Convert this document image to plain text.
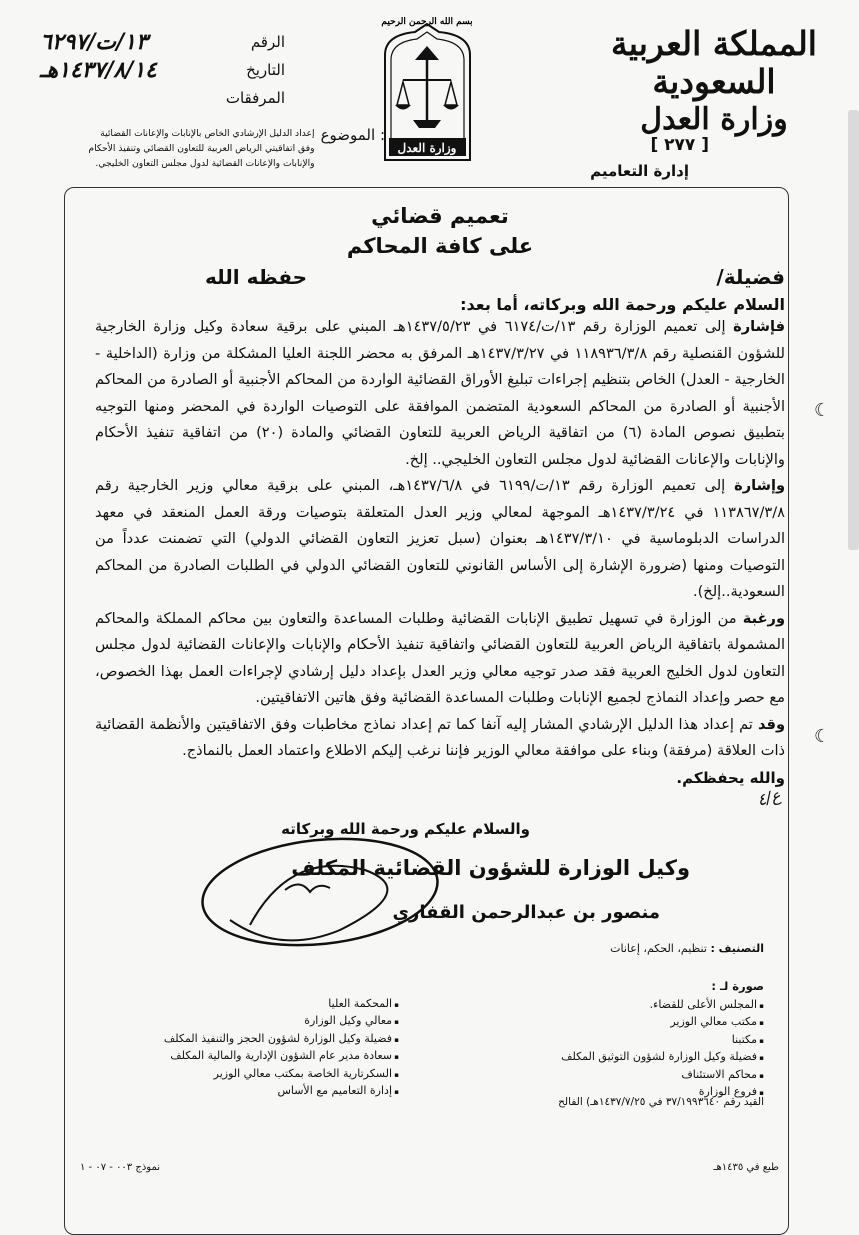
المملكة العربية السعودية
وزارة العدل
[ ٢٧٧ ]
إدارة التعاميم
بسم الله الرحمن الرحيم
وزارة العدل
١٣/ت/٦٢٩٧	الرقم
١٤٣٧/٨/١٤هـ	التاريخ
المرفقات
الموضوع :
إعداد الدليل الإرشادي الخاص بالإنابات والإعانات القضائية وفق اتفاقيتي الرياض العربية للتعاون القضائي وتنفيذ الأحكام والإنابات والإعانات القضائية لدول مجلس التعاون الخليجي.
تعميم قضائي
على كافة المحاكم
فضيلة/
حفظه الله
السلام عليكم ورحمة الله وبركاته، أما بعد:

فإشارة إلى تعميم الوزارة رقم ١٣/ت/٦١٧٤ في ١٤٣٧/٥/٢٣هـ المبني على برقية سعادة وكيل وزارة الخارجية للشؤون القنصلية رقم ١١٨٩٣٦/٣/٨ في ١٤٣٧/٣/٢٧هـ المرفق به محضر اللجنة العليا المشكلة من وزارة (الداخلية - الخارجية - العدل) الخاص بتنظيم إجراءات تبليغ الأوراق القضائية الواردة من المحاكم الأجنبية أو الصادرة من المحاكم الأجنبية أو الصادرة من المحاكم السعودية المتضمن الموافقة على التوصيات الواردة في المحضر ومنها التوجيه بتطبيق نصوص المادة (٦) من اتفاقية الرياض العربية للتعاون القضائي والمادة (٢٠) من اتفاقية تنفيذ الأحكام والإنابات والإعانات القضائية لدول مجلس التعاون الخليجي.. إلخ.

وإشارة إلى تعميم الوزارة رقم ١٣/ت/٦١٩٩ في ١٤٣٧/٦/٨هـ، المبني على برقية معالي وزير الخارجية رقم ١١٣٨٦٧/٣/٨ في ١٤٣٧/٣/٢٤هـ الموجهة لمعالي وزير العدل المتعلقة بتوصيات ورقة العمل المنعقد في معهد الدراسات الدبلوماسية في ١٤٣٧/٣/١٠هـ بعنوان (سبل تعزيز التعاون القضائي الدولي) التي تضمنت عدداً من التوصيات ومنها (ضرورة الإشارة إلى الأساس القانوني للتعاون القضائي الدولي في الطلبات الصادرة من المحاكم السعودية..إلخ).

ورغبة من الوزارة في تسهيل تطبيق الإنابات القضائية وطلبات المساعدة والتعاون بين محاكم المملكة والمحاكم المشمولة باتفاقية الرياض العربية للتعاون القضائي واتفاقية تنفيذ الأحكام والإنابات والإعانات القضائية لدول مجلس التعاون لدول الخليج العربية فقد صدر توجيه معالي وزير العدل بإعداد دليل إرشادي لإجراءات العمل بهذا الخصوص، مع حصر وإعداد النماذج لجميع الإنابات وطلبات المساعدة القضائية وفق هاتين الاتفاقيتين.

وقد تم إعداد هذا الدليل الإرشادي المشار إليه آنفا كما تم إعداد نماذج مخاطبات وفق الاتفاقيتين والأنظمة القضائية ذات العلاقة (مرفقة) وبناء على موافقة معالي الوزير فإننا نرغب إليكم الاطلاع واعتماد العمل بالنماذج.

والله يحفظكم.
ع/٤
والسلام عليكم ورحمة الله وبركاته
وكيل الوزارة للشؤون القضائية المكلف
منصور بن عبدالرحمن القفاري
التصنيف : تنظيم، الحكم، إعانات
صورة لـ :
▪ المجلس الأعلى للقضاء.
▪ مكتب معالي الوزير
▪ مكتبنا
▪ فضيلة وكيل الوزارة لشؤون التوثيق المكلف
▪ محاكم الاستئناف
▪ فروع الوزارة

▪ المحكمة العليا
▪ معالي وكيل الوزارة
▪ فضيلة وكيل الوزارة لشؤون الحجز والتنفيذ المكلف
▪ سعادة مدير عام الشؤون الإدارية والمالية المكلف
▪ السكرتارية الخاصة بمكتب معالي الوزير
▪ إدارة التعاميم مع الأساس
القيد رقم ٣٧/١٩٩٣٦٤٠ في ١٤٣٧/٧/٢٥هـ) الفالح
طبع في ١٤٣٥هـ
نموذج ٠٠٣ - ٠٧ - ١
☾
☾
